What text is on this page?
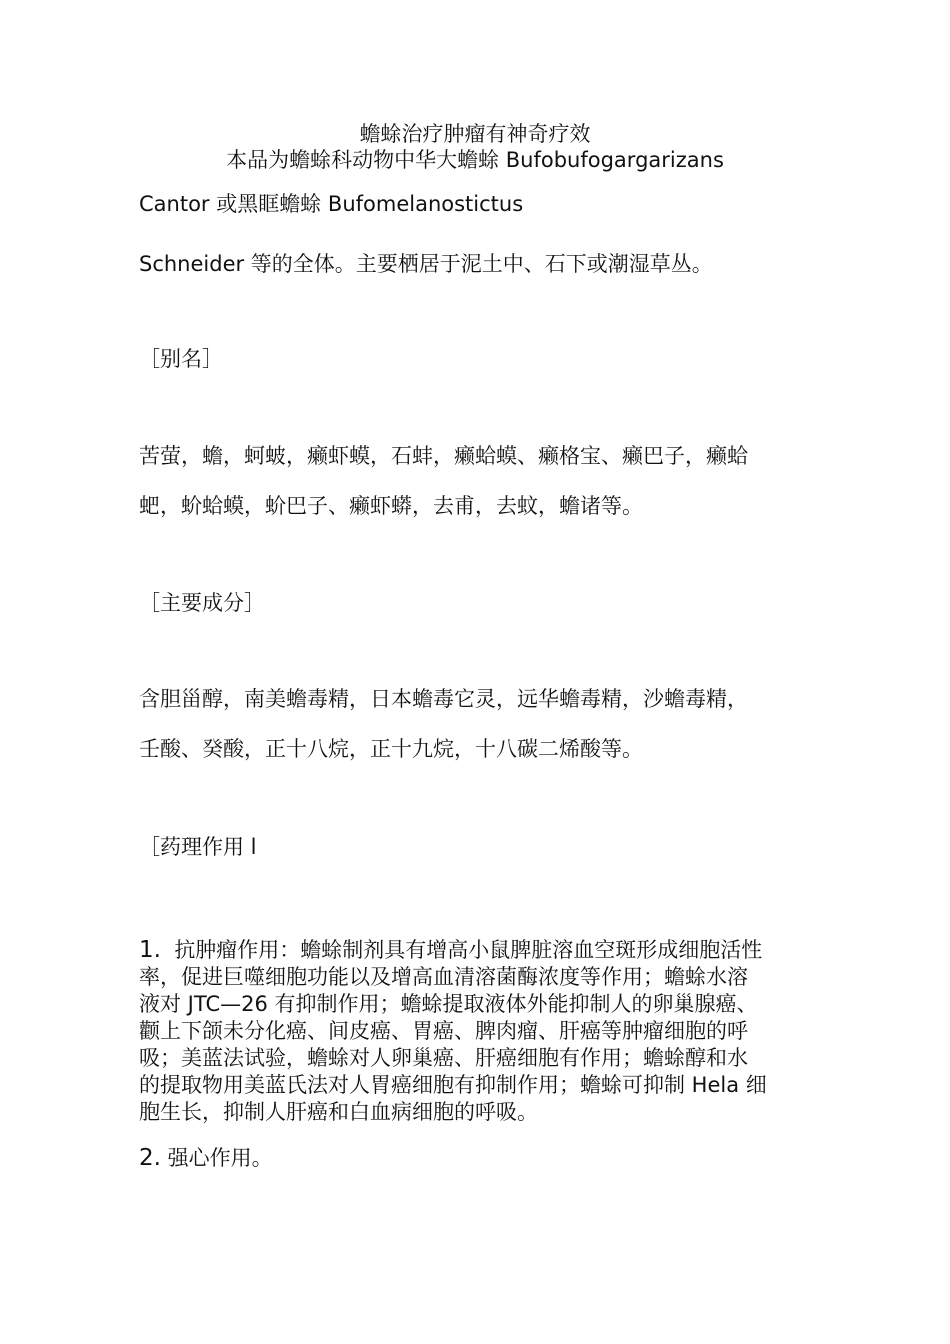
蟾蜍治疗肿瘤有神奇疗效
本品为蟾蜍科动物中华大蟾蜍 Bufobufogargarizans
Cantor 或黑眶蟾蜍 Bufomelanostictus
Schneider 等的全体。主要栖居于泥土中、石下或潮湿草丛。
［别名］
苦萤，蟾，蚵蚾，癞虾蟆，石蚌，癞蛤蟆、癞格宝、癞巴子，癞蛤
蚆，蚧蛤蟆，蚧巴子、癞虾蟒，去甫，去蚊，蟾诸等。
［主要成分］
含胆甾醇，南美蟾毒精，日本蟾毒它灵，远华蟾毒精，沙蟾毒精，
壬酸、癸酸，正十八烷，正十九烷，十八碳二烯酸等。
［药理作用 l
1. 抗肿瘤作用：蟾蜍制剂具有增高小鼠脾脏溶血空斑形成细胞活性
率，促进巨噬细胞功能以及增高血清溶菌酶浓度等作用；蟾蜍水溶
液对 JTC—26 有抑制作用；蟾蜍提取液体外能抑制人的卵巢腺癌、
颧上下颌未分化癌、间皮癌、胃癌、脾肉瘤、肝癌等肿瘤细胞的呼
吸；美蓝法试验，蟾蜍对人卵巢癌、肝癌细胞有作用；蟾蜍醇和水
的提取物用美蓝氏法对人胃癌细胞有抑制作用；蟾蜍可抑制 Hela 细
胞生长，抑制人肝癌和白血病细胞的呼吸。
2. 强心作用。
